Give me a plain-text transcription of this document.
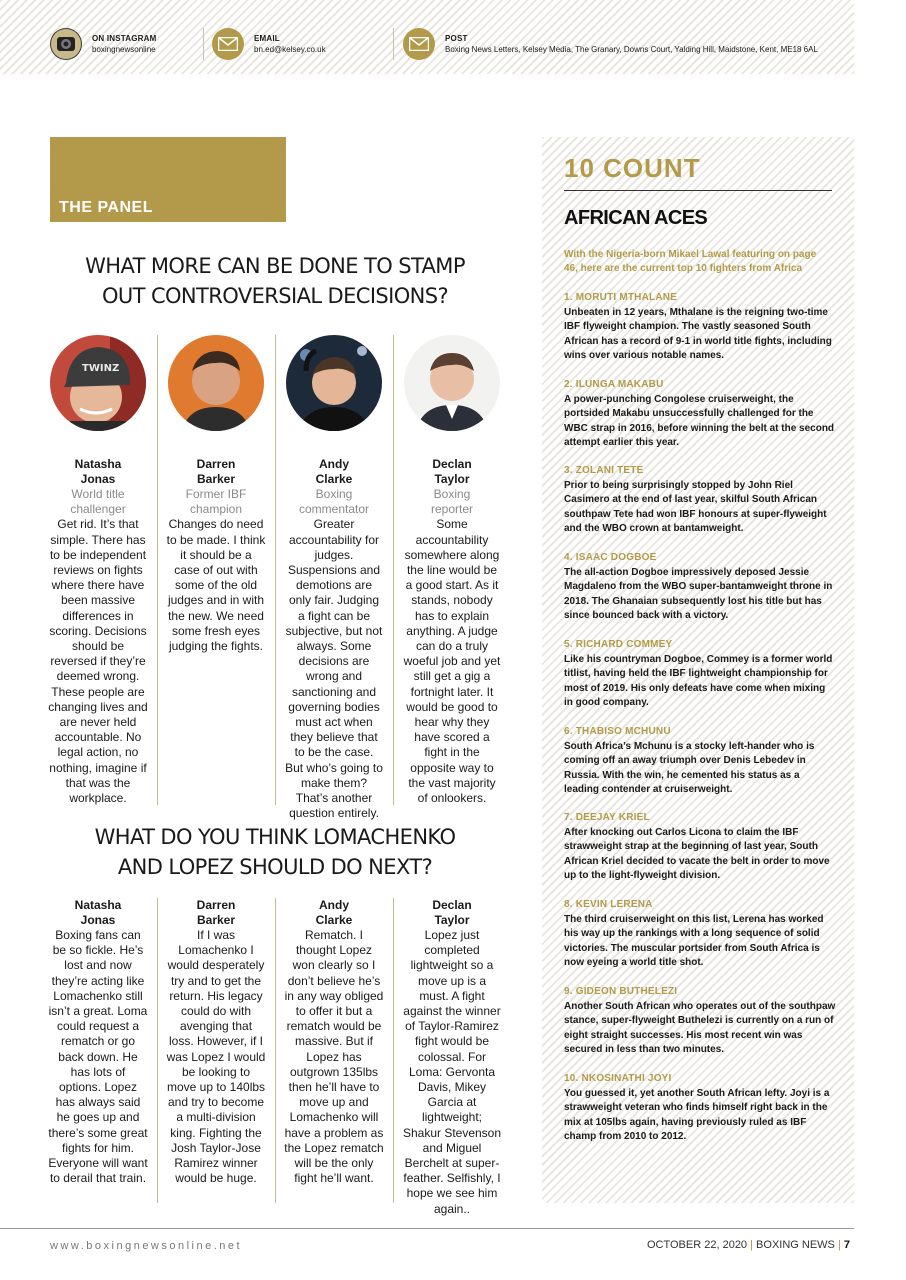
ON INSTAGRAM
boxingnewsonline
EMAIL
bn.ed@kelsey.co.uk
POST
Boxing News Letters, Kelsey Media, The Granary, Downs Court, Yalding Hill, Maidstone, Kent, ME18 6AL
THE PANEL
WHAT MORE CAN BE DONE TO STAMP
OUT CONTROVERSIAL DECISIONS?
TWINZ
Natasha
Jonas
World title
challenger
Get rid. It’s that simple. There has to be independent reviews on fights where there have been massive differences in scoring. Decisions should be reversed if they’re deemed wrong. These people are changing lives and are never held accountable. No legal action, no nothing, imagine if that was the workplace.
Darren
Barker
Former IBF
champion
Changes do need to be made. I think it should be a case of out with some of the old judges and in with the new. We need some fresh eyes judging the fights.
Andy
Clarke
Boxing
commentator
Greater accountability for judges. Suspensions and demotions are only fair. Judging a fight can be subjective, but not always. Some decisions are wrong and sanctioning and governing bodies must act when they believe that to be the case. But who’s going to make them? That’s another question entirely.
Declan
Taylor
Boxing
reporter
Some accountability somewhere along the line would be a good start. As it stands, nobody has to explain anything. A judge can do a truly woeful job and yet still get a gig a fortnight later. It would be good to hear why they have scored a fight in the opposite way to the vast majority of onlookers.
WHAT DO YOU THINK LOMACHENKO
AND LOPEZ SHOULD DO NEXT?
Natasha
Jonas
Boxing fans can be so fickle. He’s lost and now they’re acting like Lomachenko still isn’t a great. Loma could request a rematch or go back down. He has lots of options. Lopez has always said he goes up and there’s some great fights for him. Everyone will want to derail that train.
Darren
Barker
If I was Lomachenko I would desperately try and to get the return. His legacy could do with avenging that loss. However, if I was Lopez I would be looking to move up to 140lbs and try to become a multi-division king. Fighting the Josh Taylor-Jose Ramirez winner would be huge.
Andy
Clarke
Rematch. I thought Lopez won clearly so I don’t believe he’s in any way obliged to offer it but a rematch would be massive. But if Lopez has outgrown 135lbs then he’ll have to move up and Lomachenko will have a problem as the Lopez rematch will be the only fight he’ll want.
Declan
Taylor
Lopez just completed lightweight so a move up is a must. A fight against the winner of Taylor-Ramirez fight would be colossal. For Loma: Gervonta Davis, Mikey Garcia at lightweight; Shakur Stevenson and Miguel Berchelt at super-feather. Selfishly, I hope we see him again..
10 COUNT
AFRICAN ACES
With the Nigeria-born Mikael Lawal featuring on page 46, here are the current top 10 fighters from Africa
1. MORUTI MTHALANE
Unbeaten in 12 years, Mthalane is the reigning two-time IBF flyweight champion. The vastly seasoned South African has a record of 9-1 in world title fights, including wins over various notable names.
2. ILUNGA MAKABU
A power-punching Congolese cruiserweight, the portsided Makabu unsuccessfully challenged for the WBC strap in 2016, before winning the belt at the second attempt earlier this year.
3. ZOLANI TETE
Prior to being surprisingly stopped by John Riel Casimero at the end of last year, skilful South African southpaw Tete had won IBF honours at super-flyweight and the WBO crown at bantamweight.
4. ISAAC DOGBOE
The all-action Dogboe impressively deposed Jessie Magdaleno from the WBO super-bantamweight throne in 2018. The Ghanaian subsequently lost his title but has since bounced back with a victory.
5. RICHARD COMMEY
Like his countryman Dogboe, Commey is a former world titlist, having held the IBF lightweight championship for most of 2019. His only defeats have come when mixing in good company.
6. THABISO MCHUNU
South Africa’s Mchunu is a stocky left-hander who is coming off an away triumph over Denis Lebedev in Russia. With the win, he cemented his status as a leading contender at cruiserweight.
7. DEEJAY KRIEL
After knocking out Carlos Licona to claim the IBF strawweight strap at the beginning of last year, South African Kriel decided to vacate the belt in order to move up to the light-flyweight division.
8. KEVIN LERENA
The third cruiserweight on this list, Lerena has worked his way up the rankings with a long sequence of solid victories. The muscular portsider from South Africa is now eyeing a world title shot.
9. GIDEON BUTHELEZI
Another South African who operates out of the southpaw stance, super-flyweight Buthelezi is currently on a run of eight straight successes. His most recent win was secured in less than two minutes.
10. NKOSINATHI JOYI
You guessed it, yet another South African lefty. Joyi is a strawweight veteran who finds himself right back in the mix at 105lbs again, having previously ruled as IBF champ from 2010 to 2012.
www.boxingnewsonline.net	OCTOBER 22, 2020 | BOXING NEWS | 7
